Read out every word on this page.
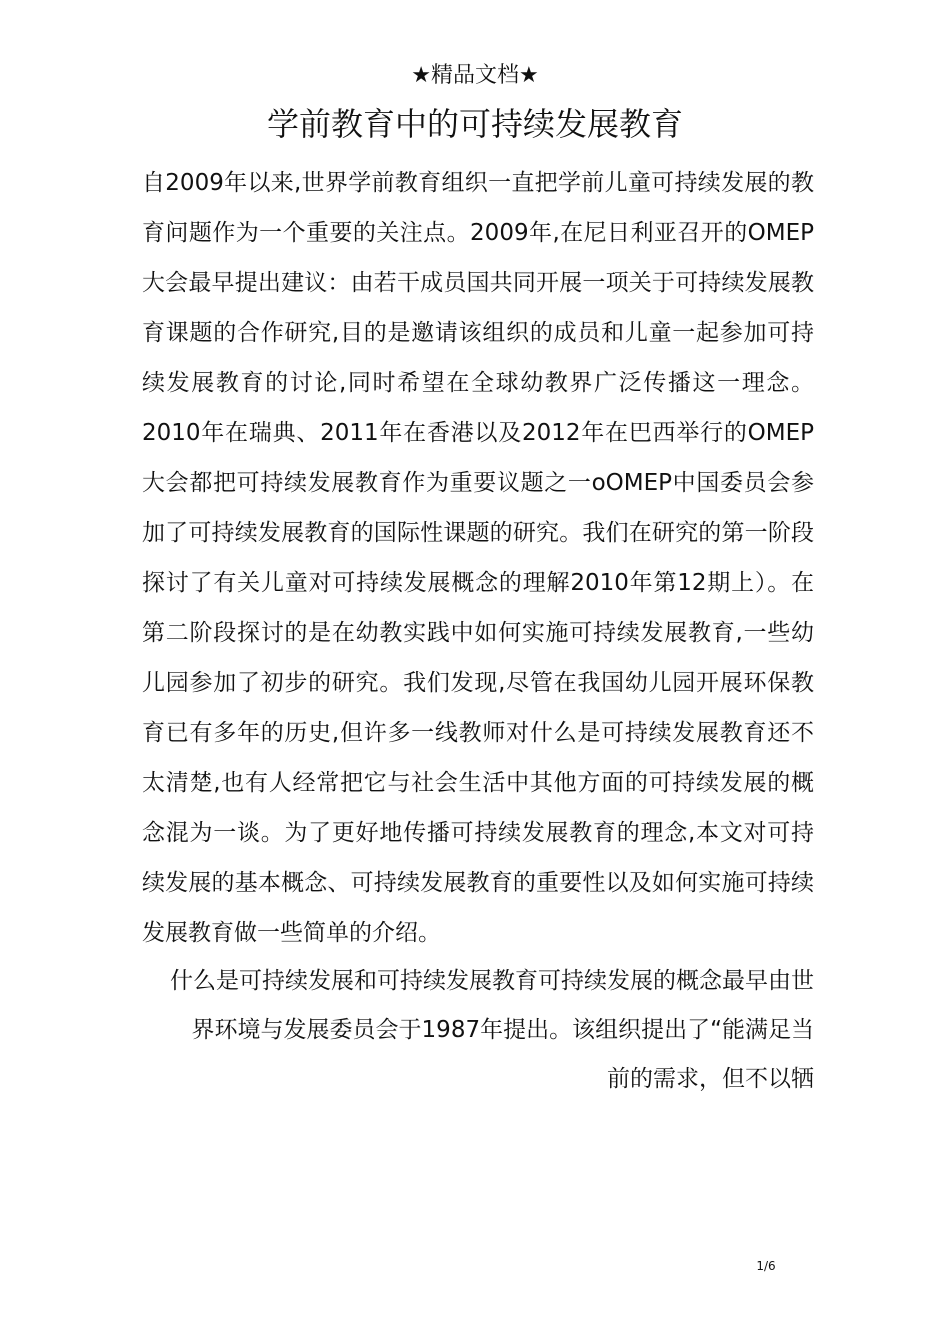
★精品文档★
学前教育中的可持续发展教育

自2009年以来,世界学前教育组织一直把学前儿童可持续发展的教育问题作为一个重要的关注点。2009年,在尼日利亚召开的OMEP大会最早提出建议：由若干成员国共同开展一项关于可持续发展教育课题的合作研究,目的是邀请该组织的成员和儿童一起参加可持续发展教育的讨论,同时希望在全球幼教界广泛传播这一理念。2010年在瑞典、2011年在香港以及2012年在巴西举行的OMEP大会都把可持续发展教育作为重要议题之一oOMEP中国委员会参加了可持续发展教育的国际性课题的研究。我们在研究的第一阶段探讨了有关儿童对可持续发展概念的理解2010年第12期上）。在第二阶段探讨的是在幼教实践中如何实施可持续发展教育,一些幼儿园参加了初步的研究。我们发现,尽管在我国幼儿园开展环保教育已有多年的历史,但许多一线教师对什么是可持续发展教育还不太清楚,也有人经常把它与社会生活中其他方面的可持续发展的概念混为一谈。为了更好地传播可持续发展教育的理念,本文对可持续发展的基本概念、可持续发展教育的重要性以及如何实施可持续发展教育做一些简单的介绍。

什么是可持续发展和可持续发展教育可持续发展的概念最早由世
界环境与发展委员会于1987年提出。该组织提出了“能满足当
前的需求，但不以牺

1/6
